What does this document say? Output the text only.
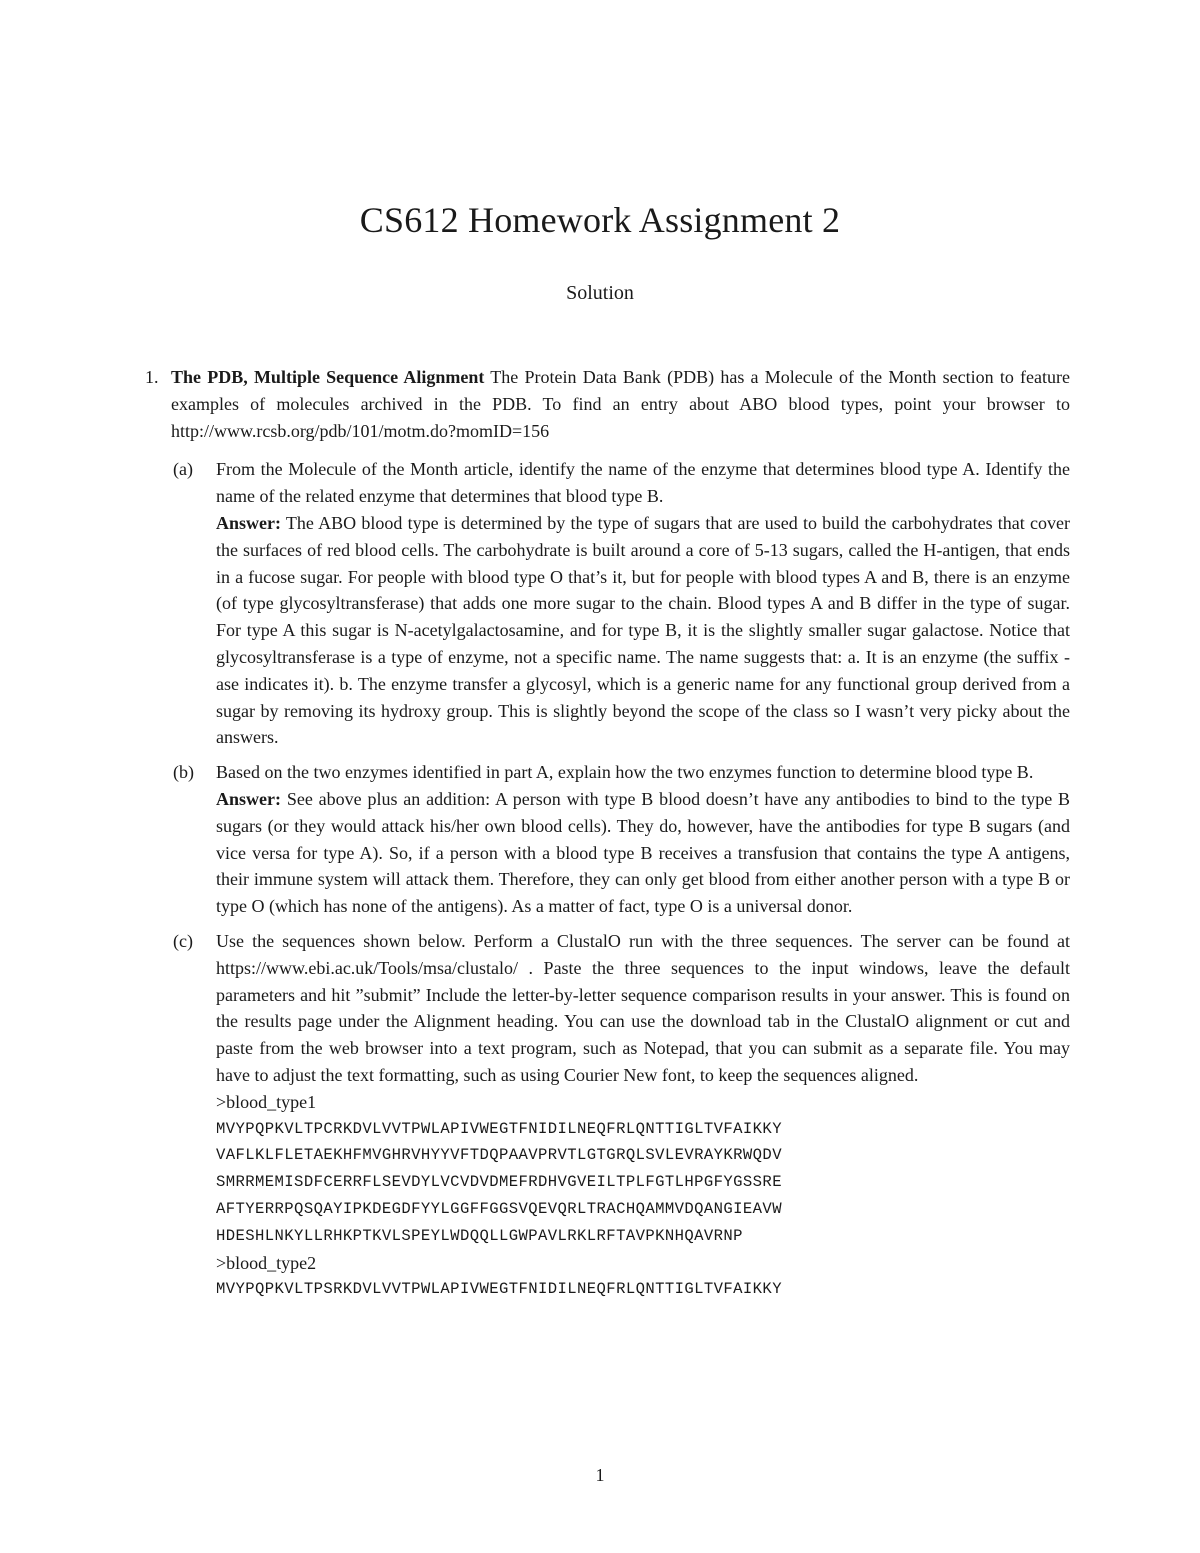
CS612 Homework Assignment 2
Solution
1. The PDB, Multiple Sequence Alignment The Protein Data Bank (PDB) has a Molecule of the Month section to feature examples of molecules archived in the PDB. To find an entry about ABO blood types, point your browser to http://www.rcsb.org/pdb/101/motm.do?momID=156
(a)	From the Molecule of the Month article, identify the name of the enzyme that determines blood type A. Identify the name of the related enzyme that determines that blood type B.

Answer: The ABO blood type is determined by the type of sugars that are used to build the carbohydrates that cover the surfaces of red blood cells. The carbohydrate is built around a core of 5-13 sugars, called the H-antigen, that ends in a fucose sugar. For people with blood type O that’s it, but for people with blood types A and B, there is an enzyme (of type glycosyltransferase) that adds one more sugar to the chain. Blood types A and B differ in the type of sugar. For type A this sugar is N-acetylgalactosamine, and for type B, it is the slightly smaller sugar galactose. Notice that glycosyltransferase is a type of enzyme, not a specific name. The name suggests that: a. It is an enzyme (the suffix -ase indicates it). b. The enzyme transfer a glycosyl, which is a generic name for any functional group derived from a sugar by removing its hydroxy group. This is slightly beyond the scope of the class so I wasn’t very picky about the answers.

(b)	Based on the two enzymes identified in part A, explain how the two enzymes function to determine blood type B.

Answer: See above plus an addition: A person with type B blood doesn’t have any antibodies to bind to the type B sugars (or they would attack his/her own blood cells). They do, however, have the antibodies for type B sugars (and vice versa for type A). So, if a person with a blood type B receives a transfusion that contains the type A antigens, their immune system will attack them. Therefore, they can only get blood from either another person with a type B or type O (which has none of the antigens). As a matter of fact, type O is a universal donor.

(c)	Use the sequences shown below. Perform a ClustalO run with the three sequences. The server can be found at https://www.ebi.ac.uk/Tools/msa/clustalo/ . Paste the three sequences to the input windows, leave the default parameters and hit ”submit” Include the letter-by-letter sequence comparison results in your answer. This is found on the results page under the Alignment heading. You can use the download tab in the ClustalO alignment or cut and paste from the web browser into a text program, such as Notepad, that you can submit as a separate file. You may have to adjust the text formatting, such as using Courier New font, to keep the sequences aligned.

>blood_type1

MVYPQPKVLTPCRKDVLVVTPWLAPIVWEGTFNIDILNEQFRLQNTTIGLTVFAIKKY

VAFLKLFLETAEKHFMVGHRVHYYVFTDQPAAVPRVTLGTGRQLSVLEVRAYKRWQDV

SMRRMEMISDFCERRFLSEVDYLVCVDVDMEFRDHVGVEILTPLFGTLHPGFYGSSRE

AFTYERRPQSQAYIPKDEGDFYYLGGFFGGSVQEVQRLTRACHQAMMVDQANGIEAVW

HDESHLNKYLLRHKPTKVLSPEYLWDQQLLGWPAVLRKLRFTAVPKNHQAVRNP

>blood_type2

MVYPQPKVLTPSRKDVLVVTPWLAPIVWEGTFNIDILNEQFRLQNTTIGLTVFAIKKY

1
